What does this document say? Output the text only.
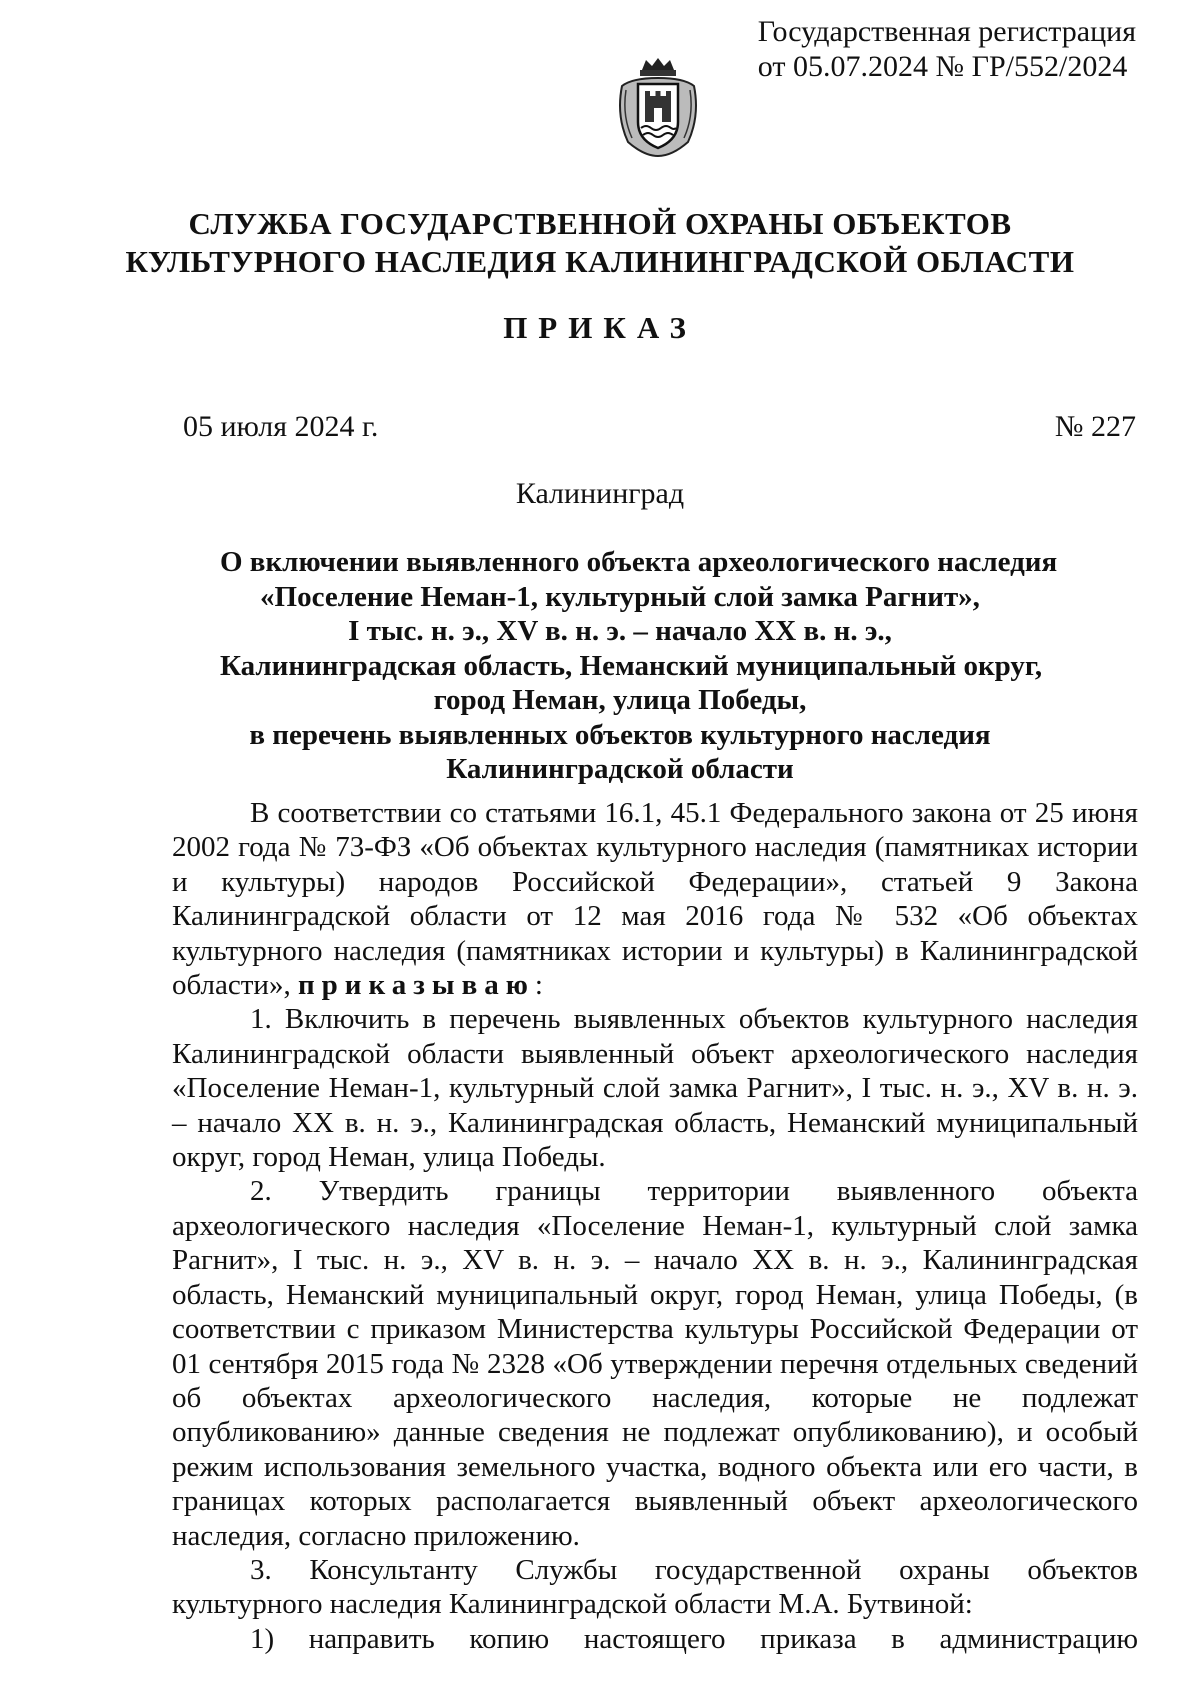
Государственная регистрация
от 05.07.2024 № ГР/552/2024
СЛУЖБА ГОСУДАРСТВЕННОЙ ОХРАНЫ ОБЪЕКТОВ
КУЛЬТУРНОГО НАСЛЕДИЯ КАЛИНИНГРАДСКОЙ ОБЛАСТИ
ПРИКАЗ
05 июля 2024 г.	№ 227
Калининград
О включении выявленного объекта археологического наследия
«Поселение Неман-1, культурный слой замка Рагнит»,
I тыс. н. э., XV в. н. э. – начало XX в. н. э.,
Калининградская область, Неманский муниципальный округ,
город Неман, улица Победы,
в перечень выявленных объектов культурного наследия
Калининградской области

В соответствии со статьями 16.1, 45.1 Федерального закона от 25 июня 2002 года № 73-ФЗ «Об объектах культурного наследия (памятниках истории и культуры) народов Российской Федерации», статьей 9 Закона Калининградской области от 12 мая 2016 года № 532 «Об объектах культурного наследия (памятниках истории и культуры) в Калининградской области», приказываю:

1. Включить в перечень выявленных объектов культурного наследия Калининградской области выявленный объект археологического наследия «Поселение Неман-1, культурный слой замка Рагнит», I тыс. н. э., XV в. н. э. – начало XX в. н. э., Калининградская область, Неманский муниципальный округ, город Неман, улица Победы.

2. Утвердить границы территории выявленного объекта археологического наследия «Поселение Неман-1, культурный слой замка Рагнит», I тыс. н. э., XV в. н. э. – начало XX в. н. э., Калининградская область, Неманский муниципальный округ, город Неман, улица Победы, (в соответствии с приказом Министерства культуры Российской Федерации от 01 сентября 2015 года № 2328 «Об утверждении перечня отдельных сведений об объектах археологического наследия, которые не подлежат опубликованию» данные сведения не подлежат опубликованию), и особый режим использования земельного участка, водного объекта или его части, в границах которых располагается выявленный объект археологического наследия, согласно приложению.

3. Консультанту Службы государственной охраны объектов культурного наследия Калининградской области М.А. Бутвиной:

1) направить копию настоящего приказа в администрацию
